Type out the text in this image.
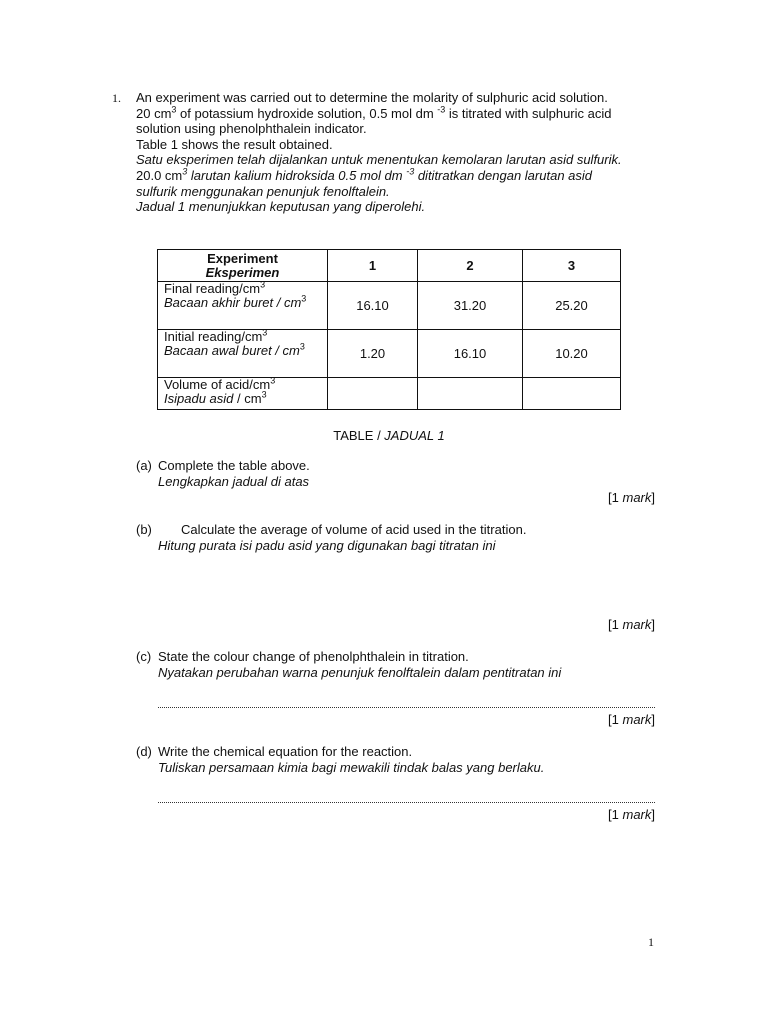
1. An experiment was carried out to determine the molarity of sulphuric acid solution.

20 $cm^3$ of potassium hydroxide solution, 0.5 mol dm $^{-3}$ is titrated with sulphuric acid

solution using phenolphthalein indicator.

Table 1 shows the result obtained.

Satu eksperimen telah dijalankan untuk menentukan kemolaran larutan asid sulfurik.

20.0 $cm^3$ larutan kalium hidroksida 0.5 mol dm $^{-3}$ dititratkan dengan larutan asid

sulfurik menggunakan penunjuk fenolftalein.

Jadual 1 menunjukkan keputusan yang diperolehi.

Experiment
Eksperimen	1	2	3

Final reading/$cm^3$
Bacaan akhir buret / $cm^3$	16.10	31.20	25.20

Initial reading/$cm^3$
Bacaan awal buret / $cm^3$	1.20	16.10	10.20

Volume of acid/$cm^3$
Isipadu asid / $cm^3$

TABLE / JADUAL 1
(a) Complete the table above.
Lengkapkan jadual di atas
[1 mark]
(b)	Calculate the average of volume of acid used in the titration.
Hitung purata isi padu asid yang digunakan bagi titratan ini
[1 mark]
(c) State the colour change of phenolphthalein in titration.
Nyatakan perubahan warna penunjuk fenolftalein dalam pentitratan ini
[1 mark]
(d) Write the chemical equation for the reaction.
Tuliskan persamaan kimia bagi mewakili tindak balas yang berlaku.
[1 mark]
1
